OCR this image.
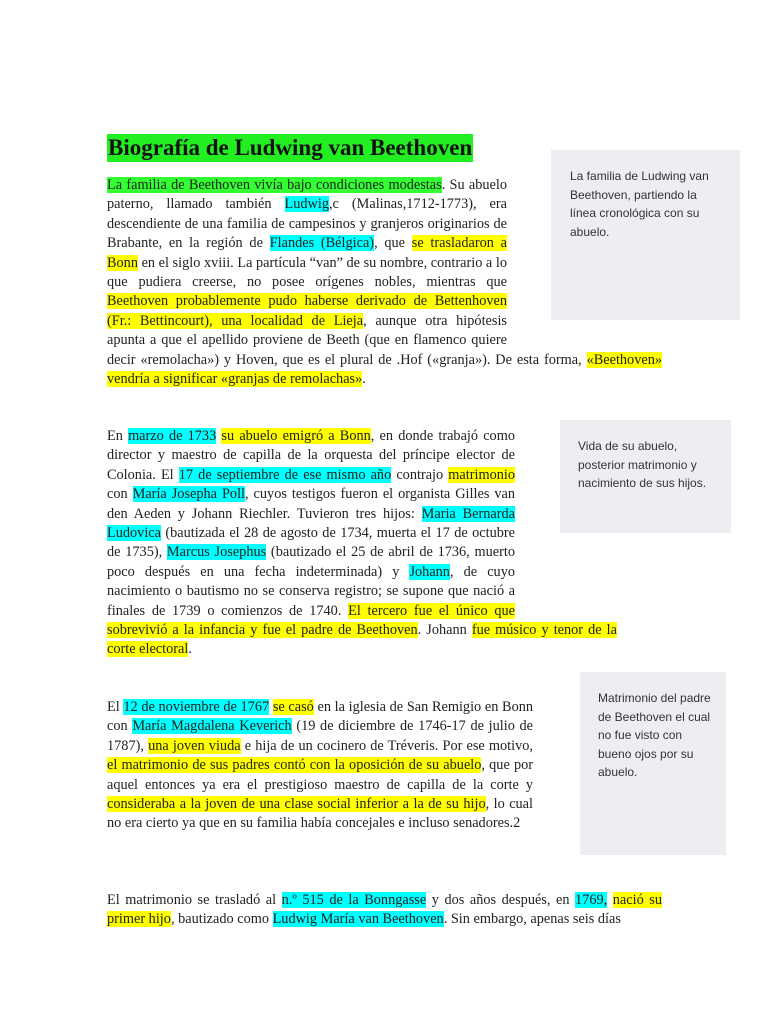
Biografía de Ludwing van Beethoven
La familia de Beethoven vivía bajo condiciones modestas. Su abuelo paterno, llamado también Ludwig,c (Malinas,1712-1773), era descendiente de una familia de campesinos y granjeros originarios de Brabante, en la región de Flandes (Bélgica), que se trasladaron a Bonn en el siglo xviii. La partícula “van” de su nombre, contrario a lo que pudiera creerse, no posee orígenes nobles, mientras que Beethoven probablemente pudo haberse derivado de Bettenhoven (Fr.: Bettincourt), una localidad de Lieja, aunque otra hipótesis apunta a que el apellido proviene de Beeth (que en flamenco quiere decir «remolacha») y Hoven, que es el plural de .Hof («granja»). De esta forma, «Beethoven» vendría a significar «granjas de remolachas».
En marzo de 1733 su abuelo emigró a Bonn, en donde trabajó como director y maestro de capilla de la orquesta del príncipe elector de Colonia. El 17 de septiembre de ese mismo año contrajo matrimonio con María Josepha Poll, cuyos testigos fueron el organista Gilles van den Aeden y Johann Riechler. Tuvieron tres hijos: Maria Bernarda Ludovica (bautizada el 28 de agosto de 1734, muerta el 17 de octubre de 1735), Marcus Josephus (bautizado el 25 de abril de 1736, muerto poco después en una fecha indeterminada) y Johann, de cuyo nacimiento o bautismo no se conserva registro; se supone que nació a finales de 1739 o comienzos de 1740. El tercero fue el único que sobrevivió a la infancia y fue el padre de Beethoven. Johann fue músico y tenor de la corte electoral.
El 12 de noviembre de 1767 se casó en la iglesia de San Remigio en Bonn con María Magdalena Keverich (19 de diciembre de 1746-17 de julio de 1787), una joven viuda e hija de un cocinero de Tréveris. Por ese motivo, el matrimonio de sus padres contó con la oposición de su abuelo, que por aquel entonces ya era el prestigioso maestro de capilla de la corte y consideraba a la joven de una clase social inferior a la de su hijo, lo cual no era cierto ya que en su familia había concejales e incluso senadores.2
El matrimonio se trasladó al n.º 515 de la Bonngasse y dos años después, en 1769, nació su primer hijo, bautizado como Ludwig María van Beethoven. Sin embargo, apenas seis días
La familia de Ludwing van Beethoven, partiendo la línea cronológica con su abuelo.
Vida de su abuelo, posterior matrimonio y nacimiento de sus hijos.
Matrimonio del padre de Beethoven el cual no fue visto con bueno ojos por su abuelo.
